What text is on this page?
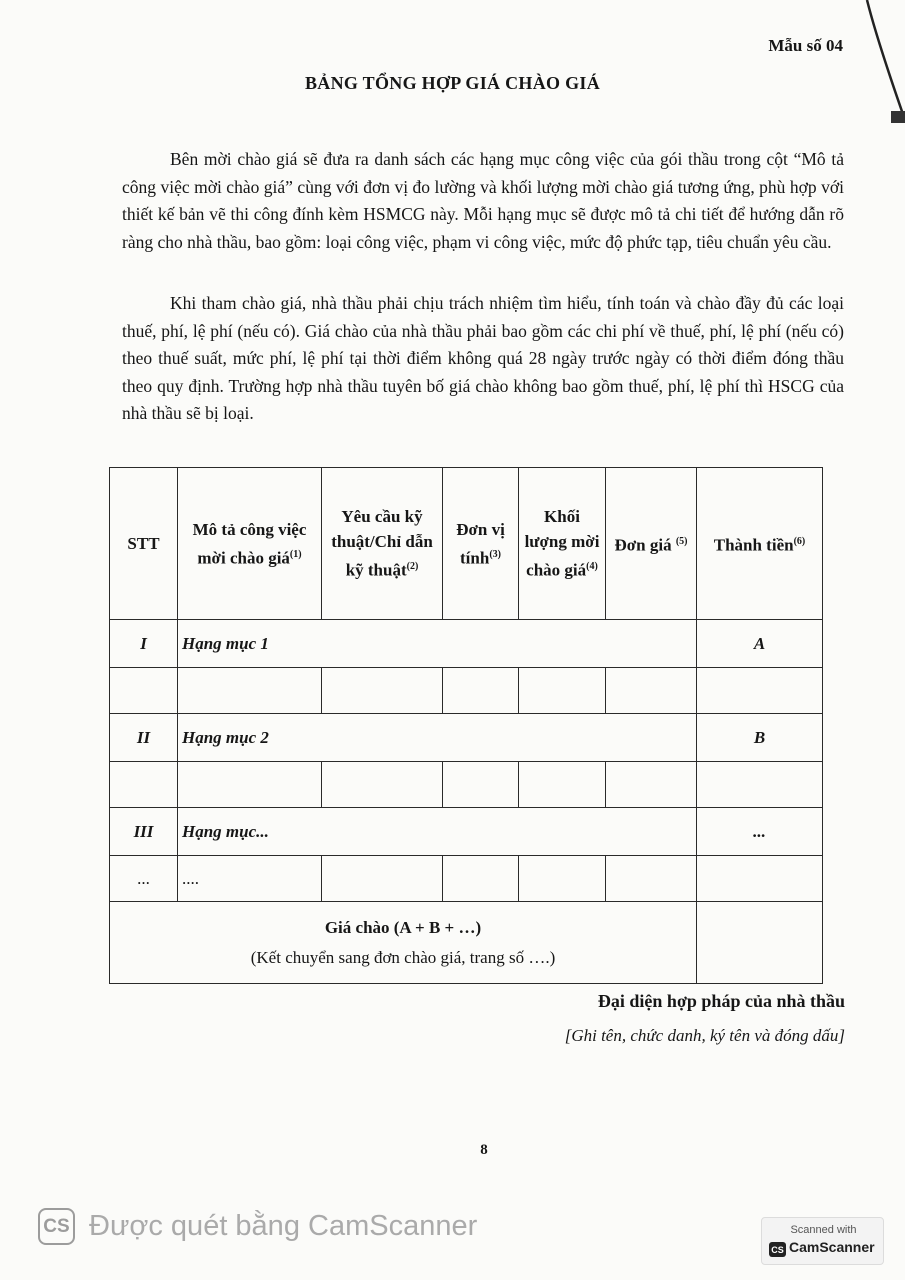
Mẫu số 04
BẢNG TỔNG HỢP GIÁ CHÀO GIÁ

Bên mời chào giá sẽ đưa ra danh sách các hạng mục công việc của gói thầu trong cột “Mô tả công việc mời chào giá” cùng với đơn vị đo lường và khối lượng mời chào giá tương ứng, phù hợp với thiết kế bản vẽ thi công đính kèm HSMCG này. Mỗi hạng mục sẽ được mô tả chi tiết để hướng dẫn rõ ràng cho nhà thầu, bao gồm: loại công việc, phạm vi công việc, mức độ phức tạp, tiêu chuẩn yêu cầu.

Khi tham chào giá, nhà thầu phải chịu trách nhiệm tìm hiểu, tính toán và chào đầy đủ các loại thuế, phí, lệ phí (nếu có). Giá chào của nhà thầu phải bao gồm các chi phí về thuế, phí, lệ phí (nếu có) theo thuế suất, mức phí, lệ phí tại thời điểm không quá 28 ngày trước ngày có thời điểm đóng thầu theo quy định. Trường hợp nhà thầu tuyên bố giá chào không bao gồm thuế, phí, lệ phí thì HSCG của nhà thầu sẽ bị loại.

STT	Mô tả công việc mời chào giá$^{(1)}$	Yêu cầu kỹ thuật/Chỉ dẫn kỹ thuật$^{(2)}$	Đơn vị tính$^{(3)}$	Khối lượng mời chào giá$^{(4)}$	Đơn giá $^{(5)}$	Thành tiền$^{(6)}$
I	Hạng mục 1					A

II	Hạng mục 2					B

III	Hạng mục...					...
...	....					

Giá chào (A + B + …)
(Kết chuyển sang đơn chào giá, trang số ….)						

Đại diện hợp pháp của nhà thầu
[Ghi tên, chức danh, ký tên và đóng dấu]
8
CS Được quét bằng CamScanner	Scanned with
CS CamScanner
